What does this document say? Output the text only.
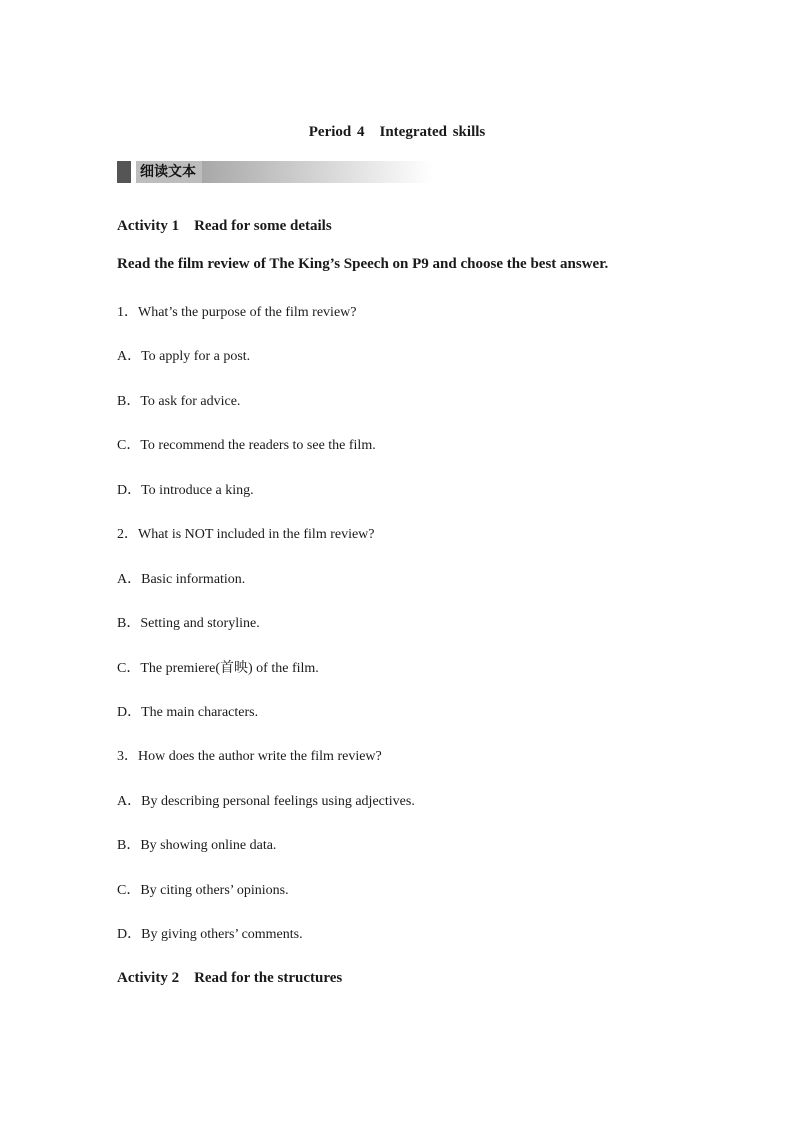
Period 4　Integrated skills
细读文本
Activity 1　Read for some details
Read the film review of The King’s Speech on P9 and choose the best answer.
1．What’s the purpose of the film review?
A．To apply for a post.
B．To ask for advice.
C．To recommend the readers to see the film.
D．To introduce a king.
2．What is NOT included in the film review?
A．Basic information.
B．Setting and storyline.
C．The premiere(首映) of the film.
D．The main characters.
3．How does the author write the film review?
A．By describing personal feelings using adjectives.
B．By showing online data.
C．By citing others’ opinions.
D．By giving others’ comments.
Activity 2　Read for the structures
